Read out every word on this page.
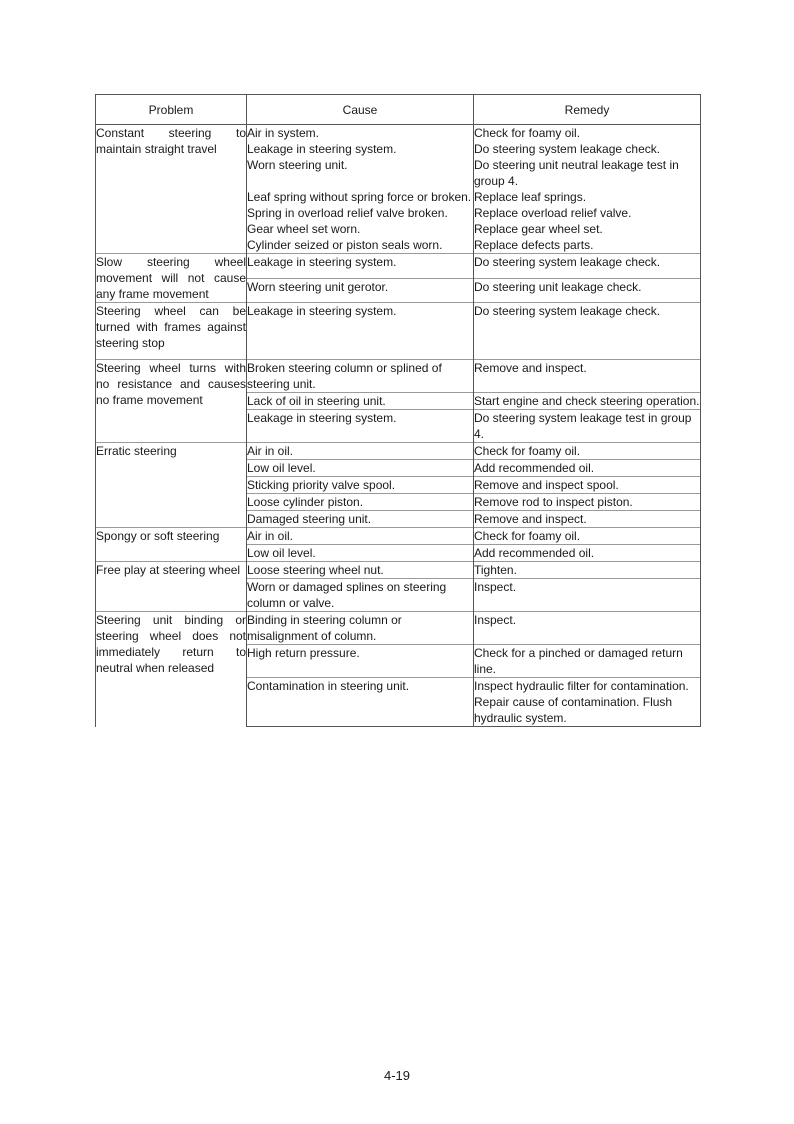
Problem	Cause	Remedy

Constant steering to maintain straight travel	Air in system.	Check for foamy oil.
	Leakage in steering system.	Do steering system leakage check.
	Worn steering unit.	Do steering unit neutral leakage test in group 4.
	Leaf spring without spring force or broken.	Replace leaf springs.
	Spring in overload relief valve broken.	Replace overload relief valve.
	Gear wheel set worn.	Replace gear wheel set.
	Cylinder seized or piston seals worn.	Replace defects parts.

Slow steering wheel movement will not cause any frame movement	Leakage in steering system.	Do steering system leakage check.
	Worn steering unit gerotor.	Do steering unit leakage check.

Steering wheel can be turned with frames against steering stop	Leakage in steering system.	Do steering system leakage check.

Steering wheel turns with no resistance and causes no frame movement	Broken steering column or splined of steering unit.	Remove and inspect.
	Lack of oil in steering unit.	Start engine and check steering operation.
	Leakage in steering system.	Do steering system leakage test in group 4.

Erratic steering	Air in oil.	Check for foamy oil.
	Low oil level.	Add recommended oil.
	Sticking priority valve spool.	Remove and inspect spool.
	Loose cylinder piston.	Remove rod to inspect piston.
	Damaged steering unit.	Remove and inspect.

Spongy or soft steering	Air in oil.	Check for foamy oil.
	Low oil level.	Add recommended oil.

Free play at steering wheel	Loose steering wheel nut.	Tighten.
	Worn or damaged splines on steering column or valve.	Inspect.

Steering unit binding or steering wheel does not immediately return to neutral when released	Binding in steering column or misalignment of column.	Inspect.
	High return pressure.	Check for a pinched or damaged return line.
	Contamination in steering unit.	Inspect hydraulic filter for contamination. Repair cause of contamination. Flush hydraulic system.
4-19
